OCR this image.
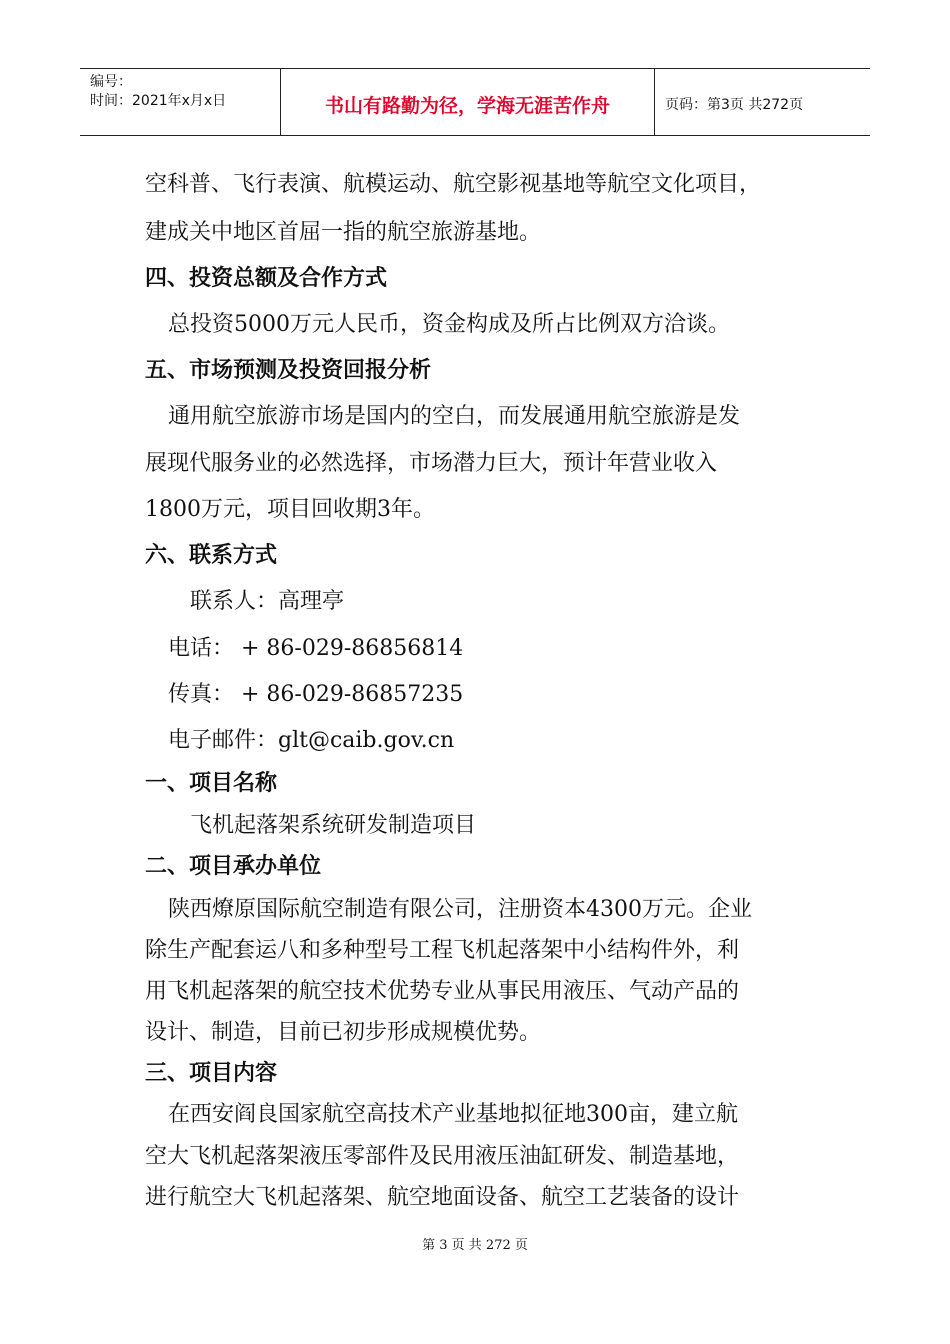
编号：
时间：2021年x月x日	书山有路勤为径，学海无涯苦作舟	页码：第3页 共272页
空科普、飞行表演、航模运动、航空影视基地等航空文化项目，
建成关中地区首屈一指的航空旅游基地。
四、投资总额及合作方式
总投资5000万元人民币，资金构成及所占比例双方洽谈。
五、市场预测及投资回报分析
通用航空旅游市场是国内的空白，而发展通用航空旅游是发
展现代服务业的必然选择，市场潜力巨大，预计年营业收入
1800万元，项目回收期3年。
六、联系方式
联系人：高理亭
电话： + 86-029-86856814
传真： + 86-029-86857235
电子邮件：glt@caib.gov.cn
一、项目名称
飞机起落架系统研发制造项目
二、项目承办单位
陕西燎原国际航空制造有限公司，注册资本4300万元。企业
除生产配套运八和多种型号工程飞机起落架中小结构件外，利
用飞机起落架的航空技术优势专业从事民用液压、气动产品的
设计、制造，目前已初步形成规模优势。
三、项目内容
在西安阎良国家航空高技术产业基地拟征地300亩，建立航
空大飞机起落架液压零部件及民用液压油缸研发、制造基地，
进行航空大飞机起落架、航空地面设备、航空工艺装备的设计
第 3 页 共 272 页
